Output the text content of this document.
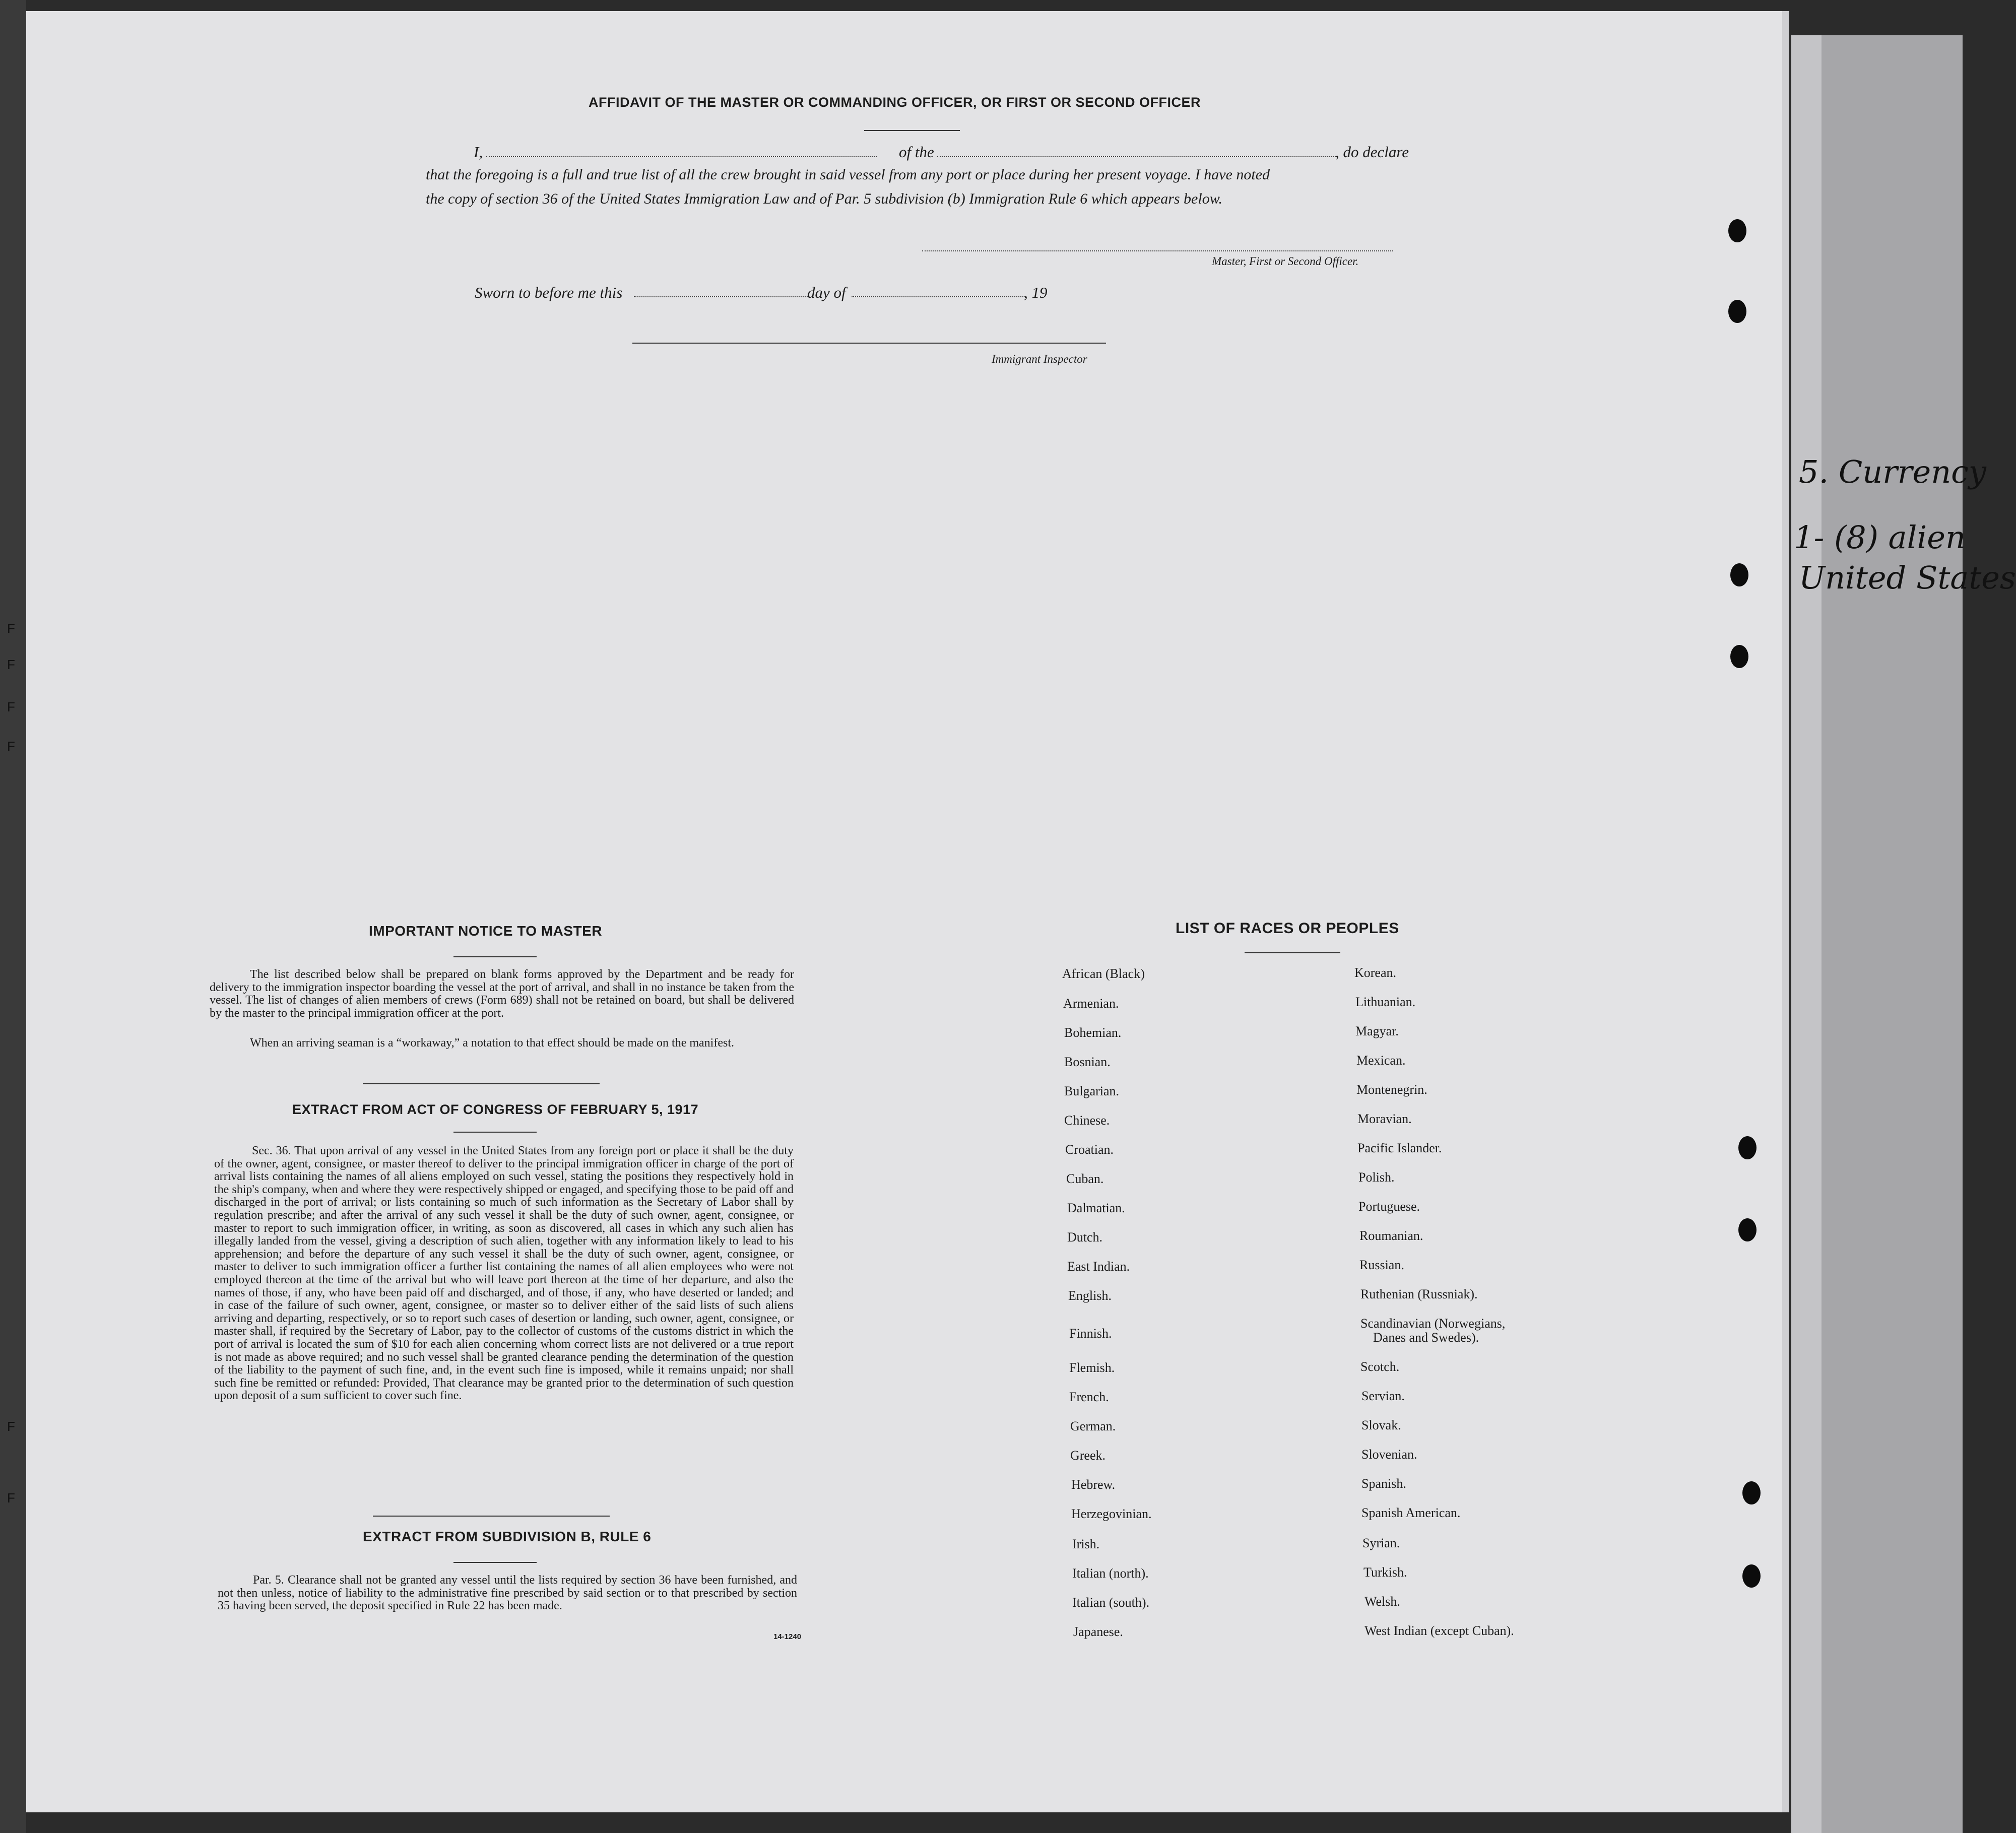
F
F
F
F
F
F
5. Currency
1- (8) alien
United States
AFFIDAVIT OF THE MASTER OR COMMANDING OFFICER, OR FIRST OR SECOND OFFICER
I,	of the	, do declare
that the foregoing is a full and true list of all the crew brought in said vessel from any port or place during her present voyage. I have noted
the copy of section 36 of the United States Immigration Law and of Par. 5 subdivision (b) Immigration Rule 6 which appears below.
Master, First or Second Officer.
Sworn to before me this	day of	, 19
Immigrant Inspector
IMPORTANT NOTICE TO MASTER
The list described below shall be prepared on blank forms approved by the Department and be ready for delivery to the immigration inspector boarding the vessel at the port of arrival, and shall in no instance be taken from the vessel. The list of changes of alien members of crews (Form 689) shall not be retained on board, but shall be delivered by the master to the principal immigration officer at the port.
When an arriving seaman is a “workaway,” a notation to that effect should be made on the manifest.
EXTRACT FROM ACT OF CONGRESS OF FEBRUARY 5, 1917
Sec. 36. That upon arrival of any vessel in the United States from any foreign port or place it shall be the duty of the owner, agent, consignee, or master thereof to deliver to the principal immigration officer in charge of the port of arrival lists containing the names of all aliens employed on such vessel, stating the positions they respectively hold in the ship's company, when and where they were respectively shipped or engaged, and specifying those to be paid off and discharged in the port of arrival; or lists containing so much of such information as the Secretary of Labor shall by regulation prescribe; and after the arrival of any such vessel it shall be the duty of such owner, agent, consignee, or master to report to such immigration officer, in writing, as soon as discovered, all cases in which any such alien has illegally landed from the vessel, giving a description of such alien, together with any information likely to lead to his apprehension; and before the departure of any such vessel it shall be the duty of such owner, agent, consignee, or master to deliver to such immigration officer a further list containing the names of all alien employees who were not employed thereon at the time of the arrival but who will leave port thereon at the time of her departure, and also the names of those, if any, who have been paid off and discharged, and of those, if any, who have deserted or landed; and in case of the failure of such owner, agent, consignee, or master so to deliver either of the said lists of such aliens arriving and departing, respectively, or so to report such cases of desertion or landing, such owner, agent, consignee, or master shall, if required by the Secretary of Labor, pay to the collector of customs of the customs district in which the port of arrival is located the sum of $10 for each alien concerning whom correct lists are not delivered or a true report is not made as above required; and no such vessel shall be granted clearance pending the determination of the question of the liability to the payment of such fine, and, in the event such fine is imposed, while it remains unpaid; nor shall such fine be remitted or refunded: Provided, That clearance may be granted prior to the determination of such question upon deposit of a sum sufficient to cover such fine.
EXTRACT FROM SUBDIVISION B, RULE 6
Par. 5. Clearance shall not be granted any vessel until the lists required by section 36 have been furnished, and not then unless, notice of liability to the administrative fine prescribed by said section or to that prescribed by section 35 having been served, the deposit specified in Rule 22 has been made.
14-1240
LIST OF RACES OR PEOPLES
African (Black)
Armenian.
Bohemian.
Bosnian.
Bulgarian.
Chinese.
Croatian.
Cuban.
Dalmatian.
Dutch.
East Indian.
English.
Finnish.
Flemish.
French.
German.
Greek.
Hebrew.
Herzegovinian.
Irish.
Italian (north).
Italian (south).
Japanese.
Korean.
Lithuanian.
Magyar.
Mexican.
Montenegrin.
Moravian.
Pacific Islander.
Polish.
Portuguese.
Roumanian.
Russian.
Ruthenian (Russniak).
Scandinavian (Norwegians,
Danes and Swedes).
Scotch.
Servian.
Slovak.
Slovenian.
Spanish.
Spanish American.
Syrian.
Turkish.
Welsh.
West Indian (except Cuban).
